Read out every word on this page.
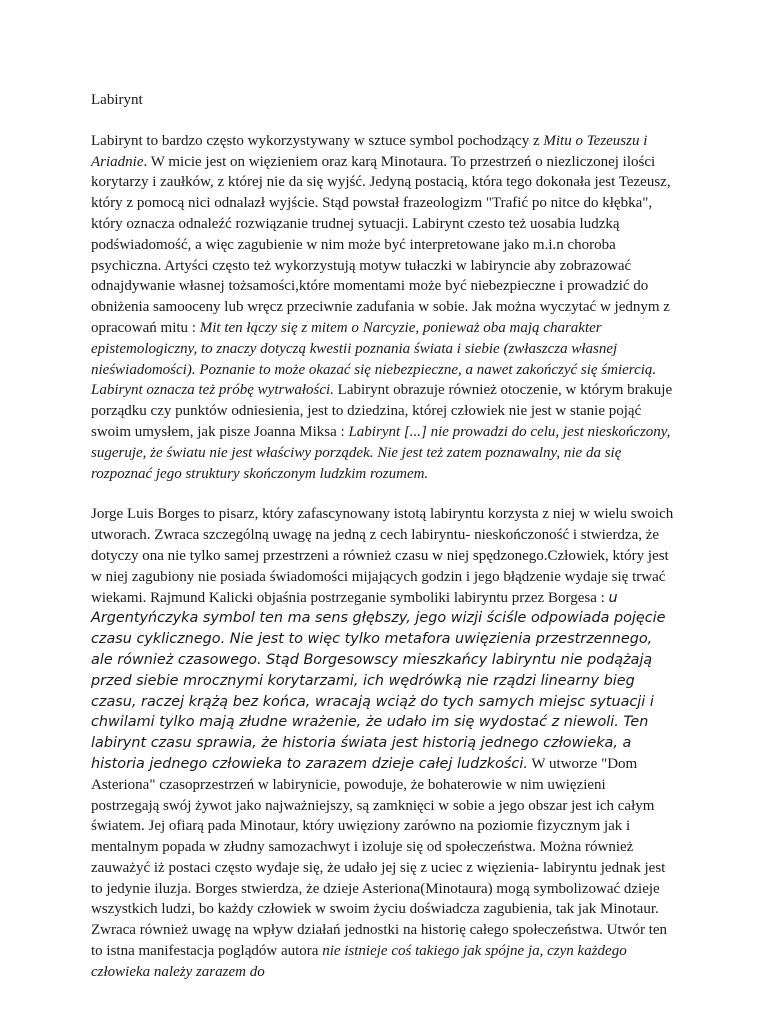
Labirynt

Labirynt to bardzo często wykorzystywany w sztuce symbol pochodzący z Mitu o Tezeuszu i Ariadnie. W micie jest on więzieniem oraz karą Minotaura. To przestrzeń o niezliczonej ilości korytarzy i zaułków, z której nie da się wyjść. Jedyną postacią, która tego dokonała jest Tezeusz, który z pomocą nici odnalazł wyjście. Stąd powstał frazeologizm "Trafić po nitce do kłębka", który oznacza odnaleźć rozwiązanie trudnej sytuacji. Labirynt czesto też uosabia ludzką podświadomość, a więc zagubienie w nim może być interpretowane jako m.i.n choroba psychiczna. Artyści często też wykorzystują motyw tułaczki w labiryncie aby zobrazować odnajdywanie własnej tożsamości,które momentami może być niebezpieczne i prowadzić do obniżenia samooceny lub wręcz przeciwnie zadufania w sobie. Jak można wyczytać w jednym z opracowań mitu : Mit ten łączy się z mitem o Narcyzie, ponieważ oba mają charakter epistemologiczny, to znaczy dotyczą kwestii poznania świata i siebie (zwłaszcza własnej nieświadomości). Poznanie to może okazać się niebezpieczne, a nawet zakończyć się śmiercią. Labirynt oznacza też próbę wytrwałości. Labirynt obrazuje również otoczenie, w którym brakuje porządku czy punktów odniesienia, jest to dziedzina, której człowiek nie jest w stanie pojąć swoim umysłem, jak pisze Joanna Miksa : Labirynt [...] nie prowadzi do celu, jest nieskończony, sugeruje, że światu nie jest właściwy porządek. Nie jest też zatem poznawalny, nie da się rozpoznać jego struktury skończonym ludzkim rozumem.

Jorge Luis Borges to pisarz, który zafascynowany istotą labiryntu korzysta z niej w wielu swoich utworach. Zwraca szczególną uwagę na jedną z cech labiryntu- nieskończoność i stwierdza, że dotyczy ona nie tylko samej przestrzeni a również czasu w niej spędzonego.Człowiek, który jest w niej zagubiony nie posiada świadomości mijających godzin i jego błądzenie wydaje się trwać wiekami. Rajmund Kalicki objaśnia postrzeganie symboliki labiryntu przez Borgesa : u Argentyńczyka symbol ten ma sens głębszy, jego wizji ściśle odpowiada pojęcie czasu cyklicznego. Nie jest to więc tylko metafora uwięzienia przestrzennego, ale również czasowego. Stąd Borgesowscy mieszkańcy labiryntu nie podążają przed siebie mrocznymi korytarzami, ich wędrówką nie rządzi linearny bieg czasu, raczej krążą bez końca, wracają wciąż do tych samych miejsc sytuacji i chwilami tylko mają złudne wrażenie, że udało im się wydostać z niewoli. Ten labirynt czasu sprawia, że historia świata jest historią jednego człowieka, a historia jednego człowieka to zarazem dzieje całej ludzkości. W utworze "Dom Asteriona" czasoprzestrzeń w labirynicie, powoduje, że bohaterowie w nim uwięzieni postrzegają swój żywot jako najważniejszy, są zamknięci w sobie a jego obszar jest ich całym światem. Jej ofiarą pada Minotaur, który uwięziony zarówno na poziomie fizycznym jak i mentalnym popada w złudny samozachwyt i izoluje się od społeczeństwa. Można również zauważyć iż postaci często wydaje się, że udało jej się z uciec z więzienia- labiryntu jednak jest to jedynie iluzja. Borges stwierdza, że dzieje Asteriona(Minotaura) mogą symbolizować dzieje wszystkich ludzi, bo każdy człowiek w swoim życiu doświadcza zagubienia, tak jak Minotaur. Zwraca również uwagę na wpływ działań jednostki na historię całego społeczeństwa. Utwór ten to istna manifestacja poglądów autora nie istnieje coś takiego jak spójne ja, czyn każdego człowieka należy zarazem do
